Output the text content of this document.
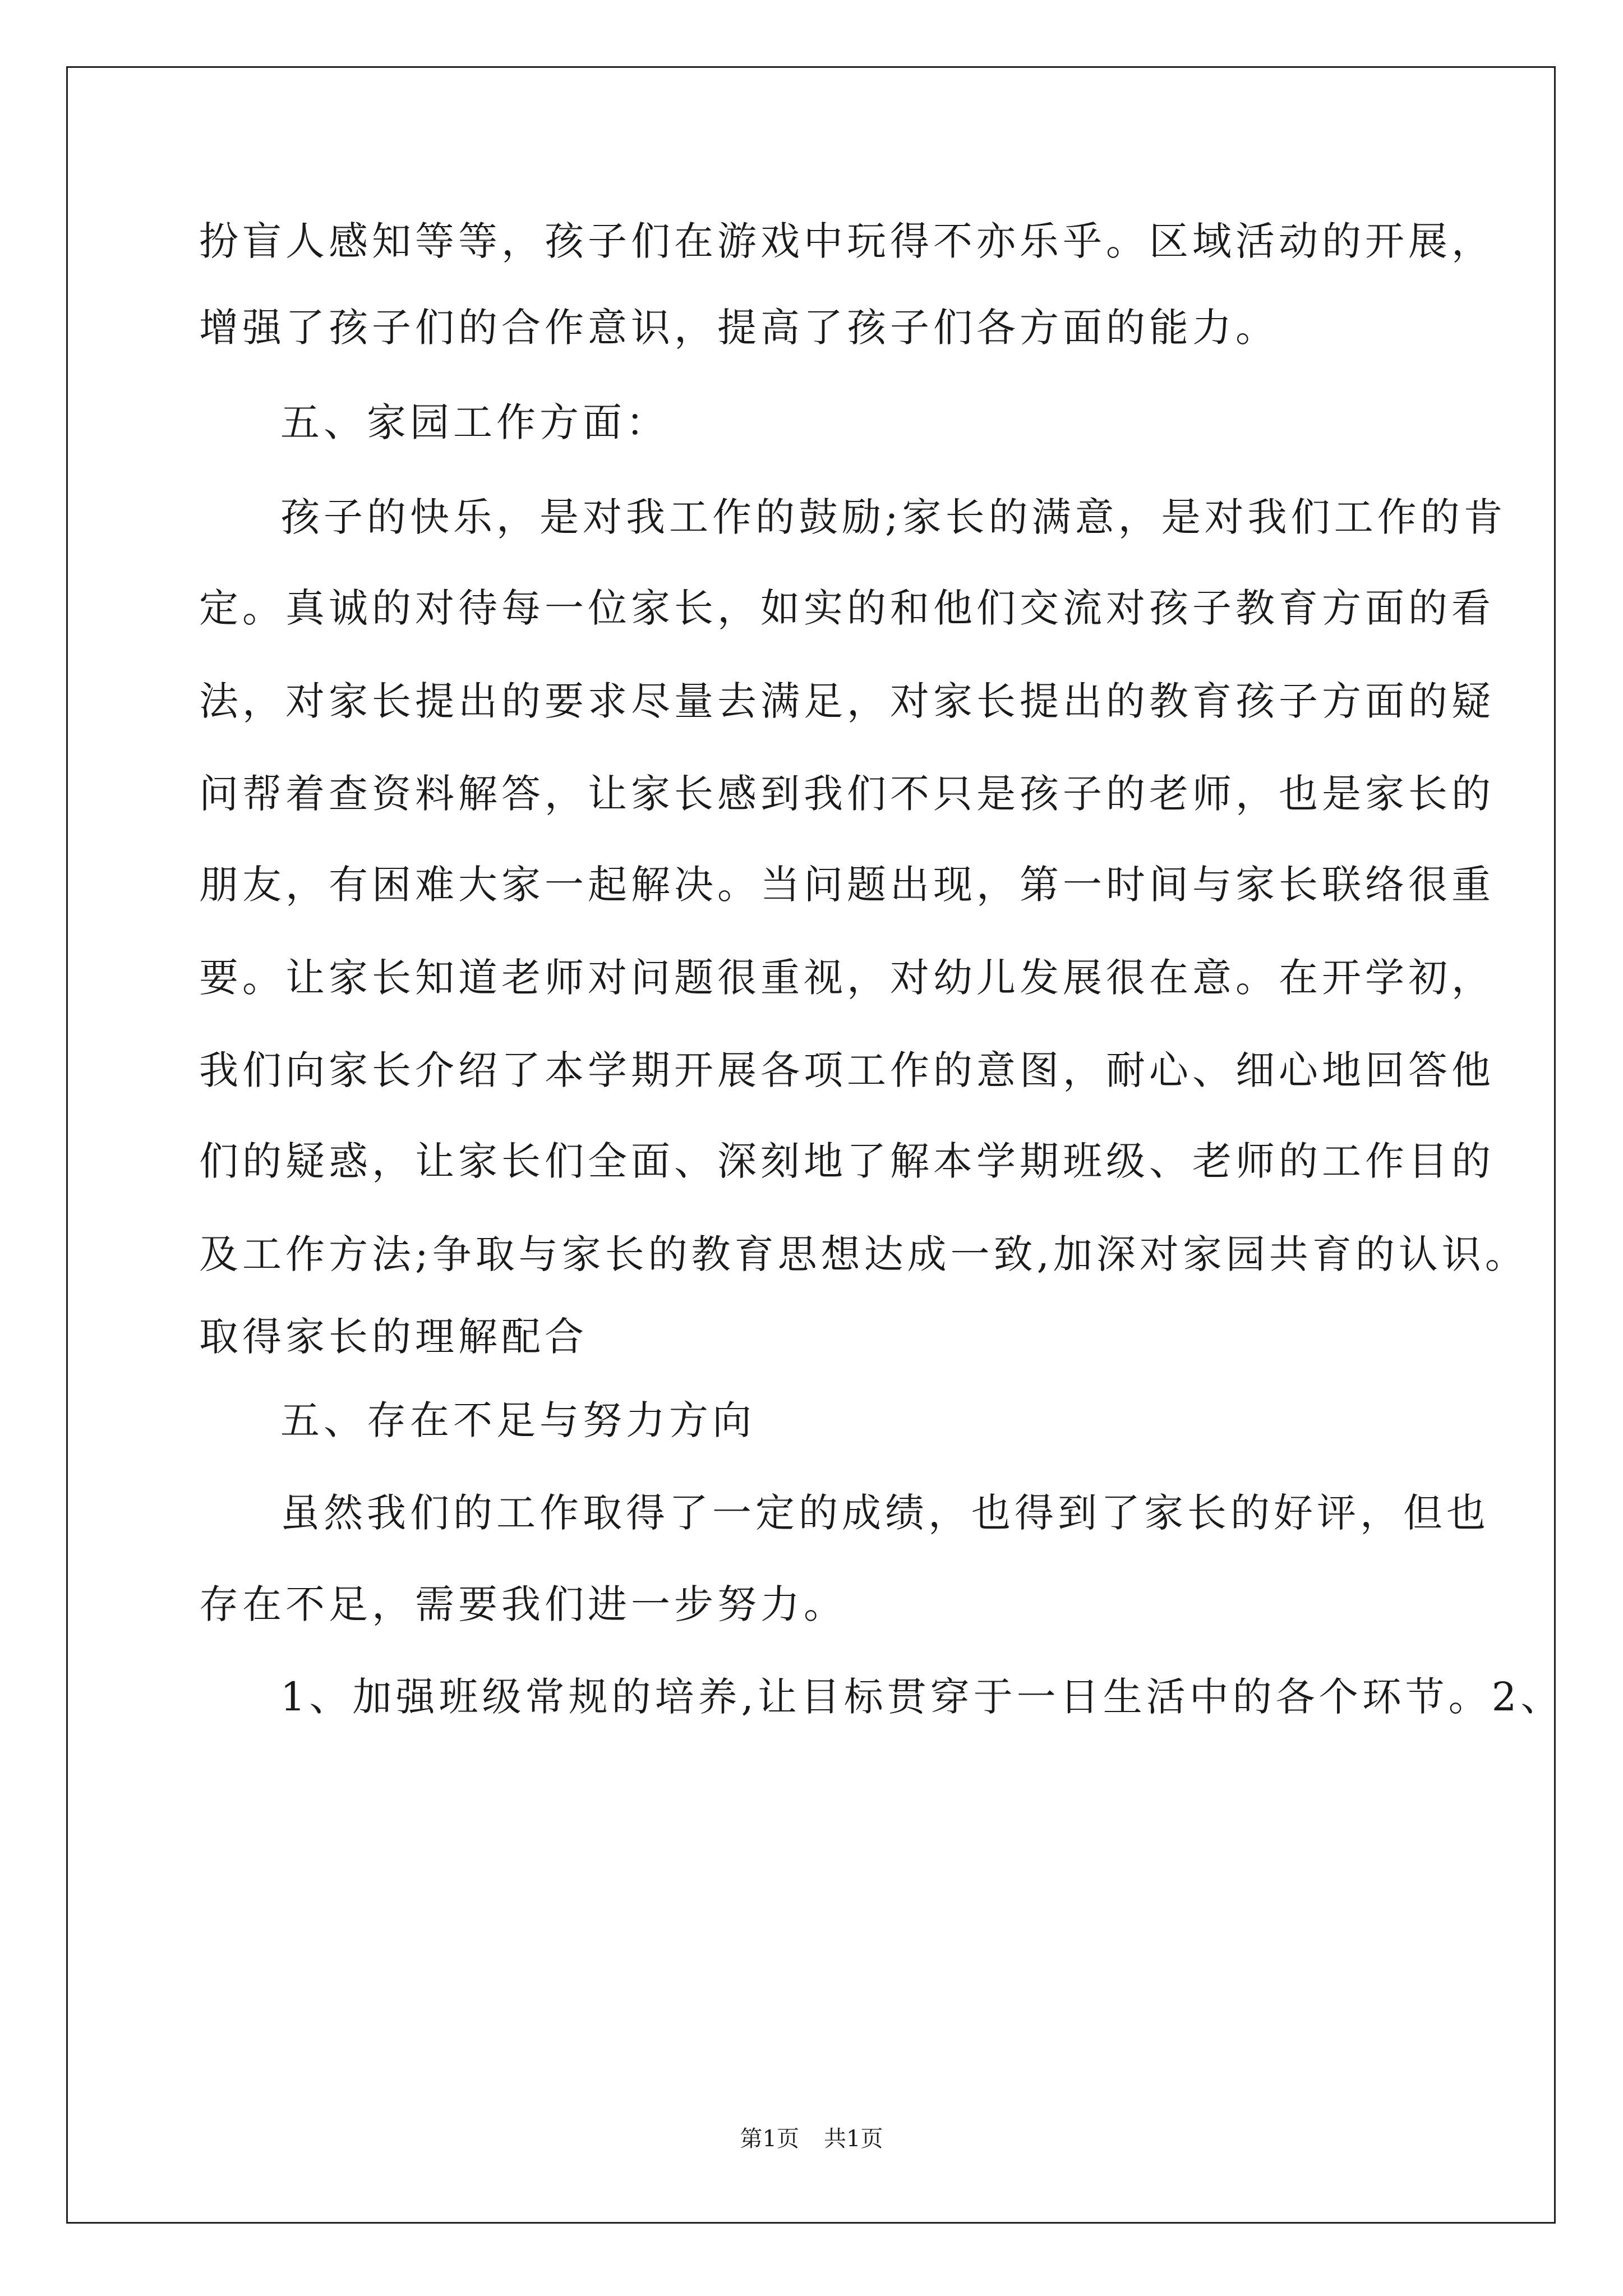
扮盲人感知等等，孩子们在游戏中玩得不亦乐乎。区域活动的开展，
增强了孩子们的合作意识，提高了孩子们各方面的能力。
五、家园工作方面：
孩子的快乐，是对我工作的鼓励;家长的满意，是对我们工作的肯
定。真诚的对待每一位家长，如实的和他们交流对孩子教育方面的看
法，对家长提出的要求尽量去满足，对家长提出的教育孩子方面的疑
问帮着查资料解答，让家长感到我们不只是孩子的老师，也是家长的
朋友，有困难大家一起解决。当问题出现，第一时间与家长联络很重
要。让家长知道老师对问题很重视，对幼儿发展很在意。在开学初，
我们向家长介绍了本学期开展各项工作的意图，耐心、细心地回答他
们的疑惑，让家长们全面、深刻地了解本学期班级、老师的工作目的
及工作方法;争取与家长的教育思想达成一致,加深对家园共育的认识。
取得家长的理解配合
五、存在不足与努力方向
虽然我们的工作取得了一定的成绩，也得到了家长的好评，但也
存在不足，需要我们进一步努力。
1、加强班级常规的培养,让目标贯穿于一日生活中的各个环节。2、
第1页 共1页
